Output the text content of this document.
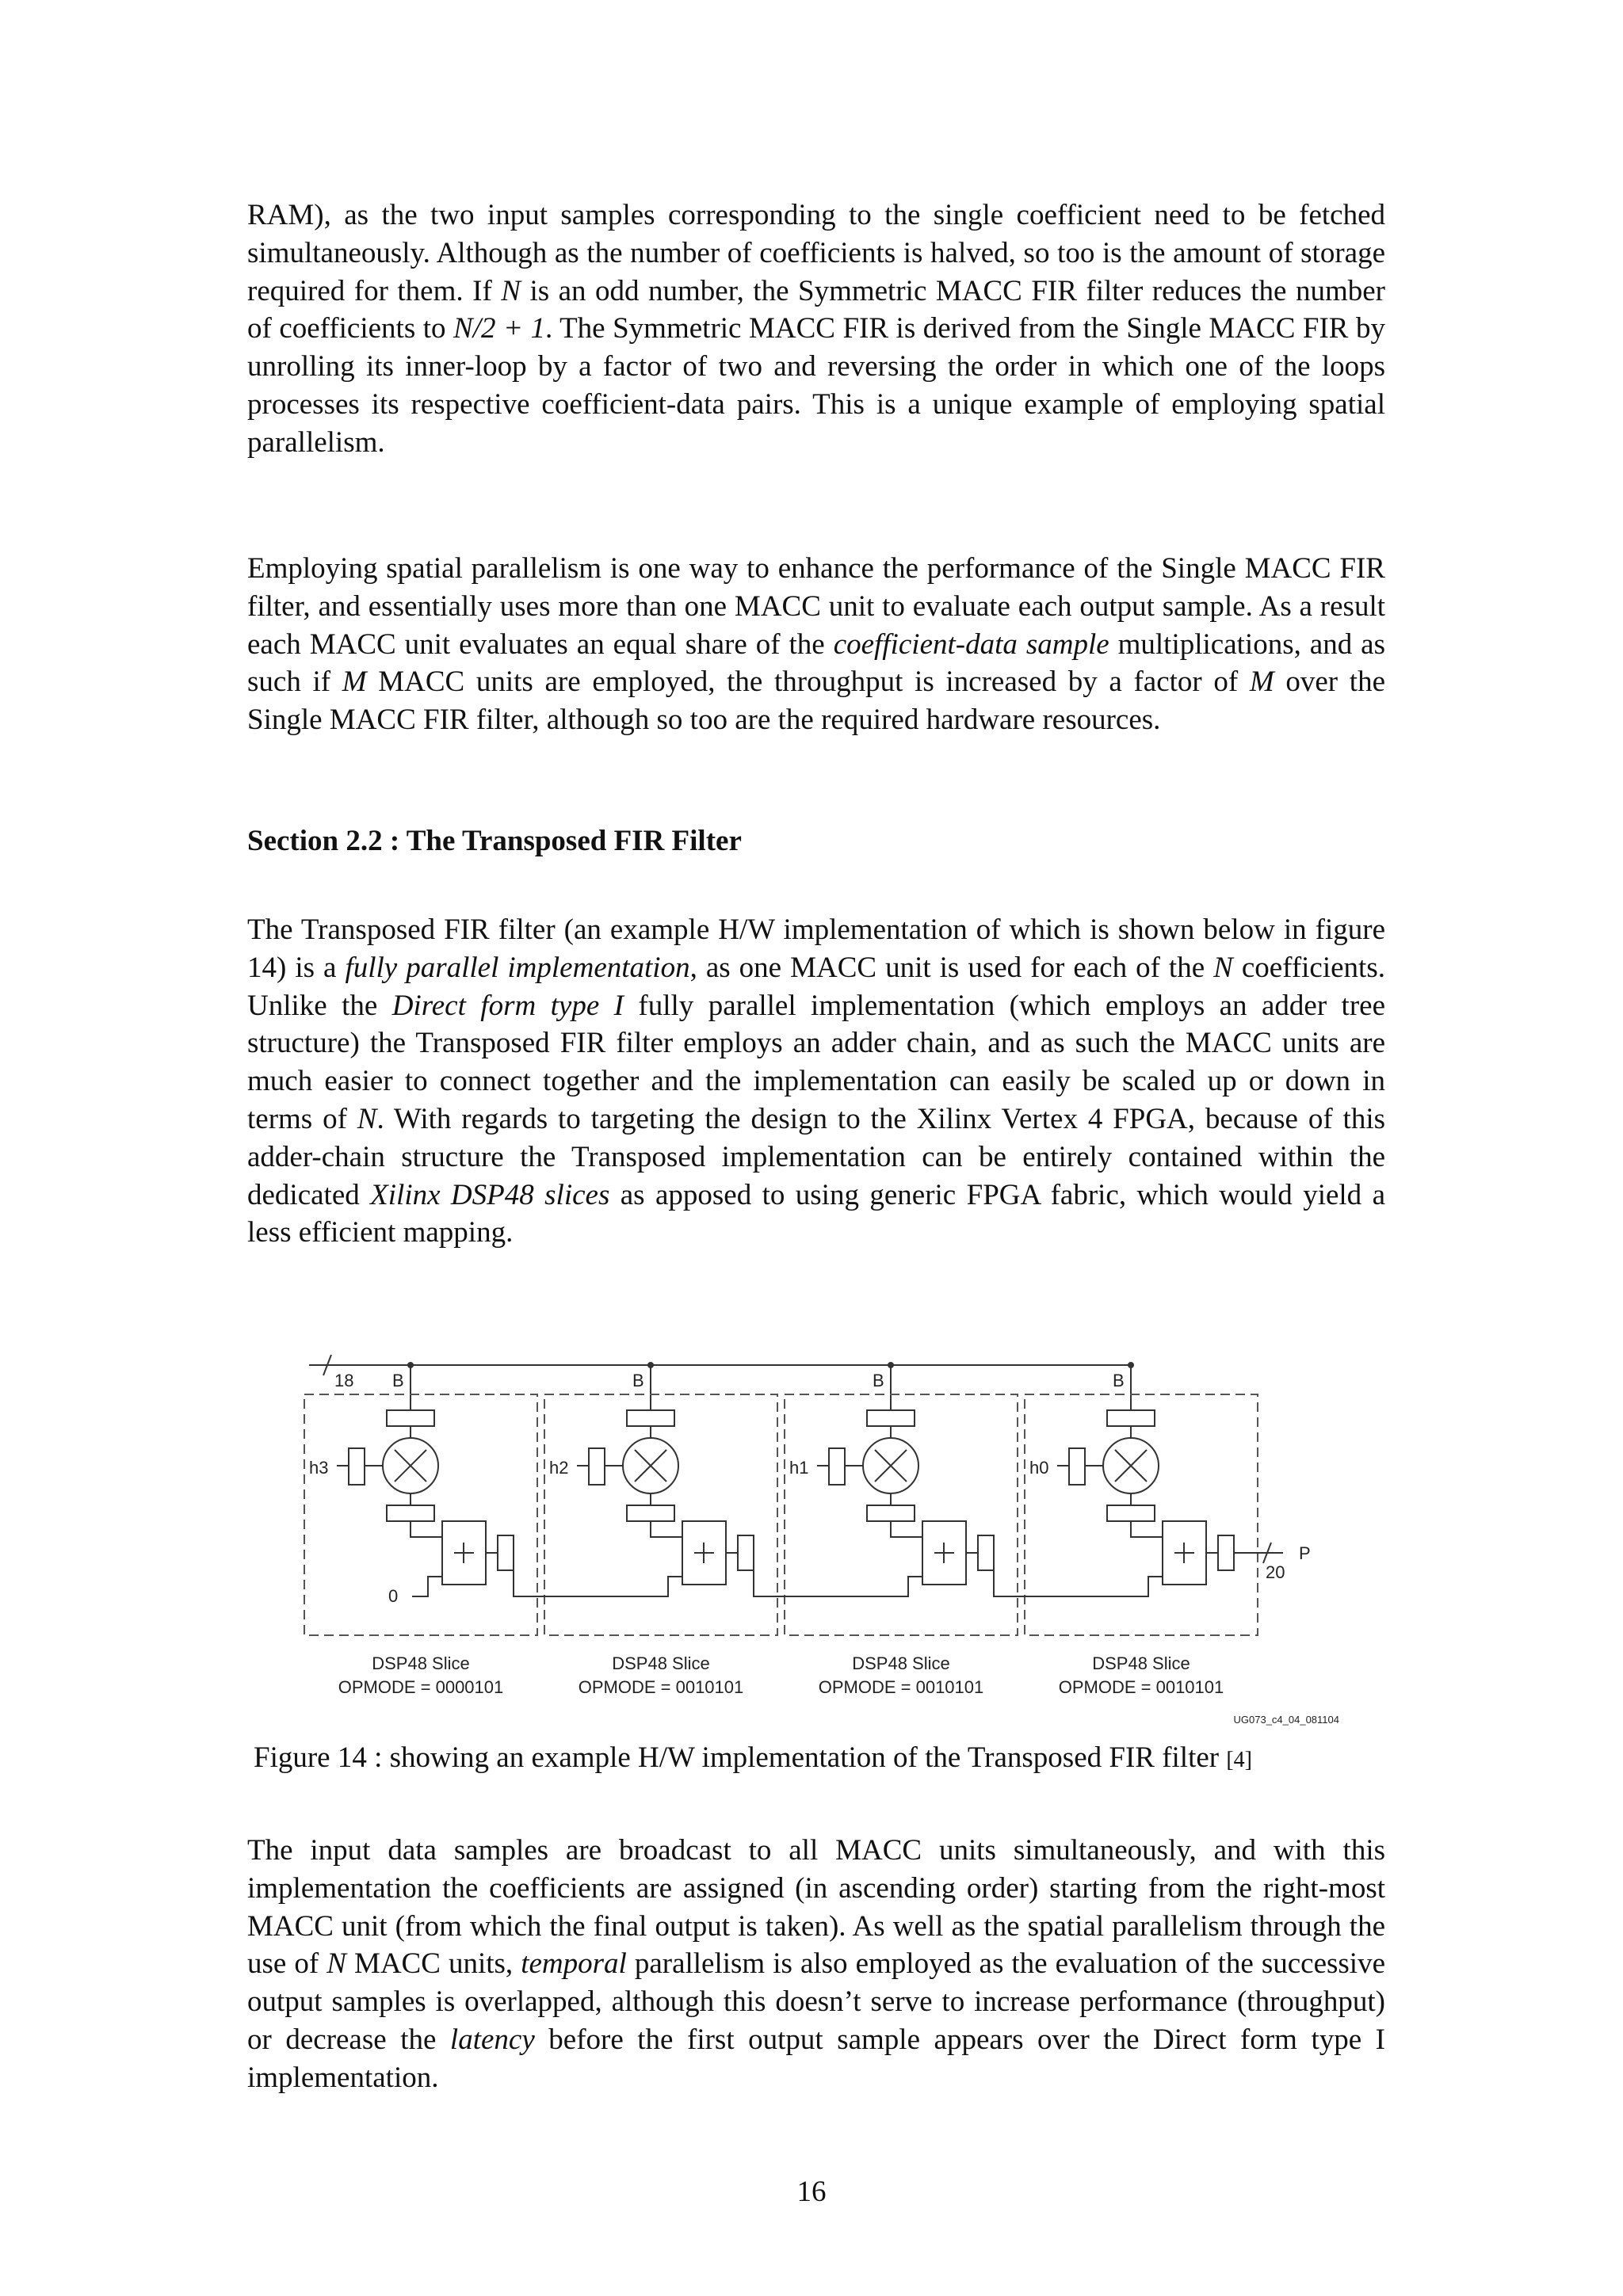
RAM), as the two input samples corresponding to the single coefficient need to be fetched simultaneously. Although as the number of coefficients is halved, so too is the amount of storage required for them. If N is an odd number, the Symmetric MACC FIR filter reduces the number of coefficients to N/2 + 1. The Symmetric MACC FIR is derived from the Single MACC FIR by unrolling its inner-loop by a factor of two and reversing the order in which one of the loops processes its respective coefficient-data pairs. This is a unique example of employing spatial parallelism.

Employing spatial parallelism is one way to enhance the performance of the Single MACC FIR filter, and essentially uses more than one MACC unit to evaluate each output sample. As a result each MACC unit evaluates an equal share of the coefficient-data sample multiplications, and as such if M MACC units are employed, the throughput is increased by a factor of M over the Single MACC FIR filter, although so too are the required hardware resources.

Section 2.2 : The Transposed FIR Filter

The Transposed FIR filter (an example H/W implementation of which is shown below in figure 14) is a fully parallel implementation, as one MACC unit is used for each of the N coefficients. Unlike the Direct form type I fully parallel implementation (which employs an adder tree structure) the Transposed FIR filter employs an adder chain, and as such the MACC units are much easier to connect together and the implementation can easily be scaled up or down in terms of N. With regards to targeting the design to the Xilinx Vertex 4 FPGA, because of this adder-chain structure the Transposed implementation can be entirely contained within the dedicated Xilinx DSP48 slices as apposed to using generic FPGA fabric, which would yield a less efficient mapping.

18 B
h3
0
DSP48 Slice
OPMODE = 0000101
B
h2
DSP48 Slice
OPMODE = 0010101
B
h1
DSP48 Slice
OPMODE = 0010101
B
h0
20
P
DSP48 Slice
OPMODE = 0010101
UG073_c4_04_081104

Figure 14 : showing an example H/W implementation of the Transposed FIR filter [4]

The input data samples are broadcast to all MACC units simultaneously, and with this implementation the coefficients are assigned (in ascending order) starting from the right-most MACC unit (from which the final output is taken). As well as the spatial parallelism through the use of N MACC units, temporal parallelism is also employed as the evaluation of the successive output samples is overlapped, although this doesn’t serve to increase performance (throughput) or decrease the latency before the first output sample appears over the Direct form type I implementation.

16
